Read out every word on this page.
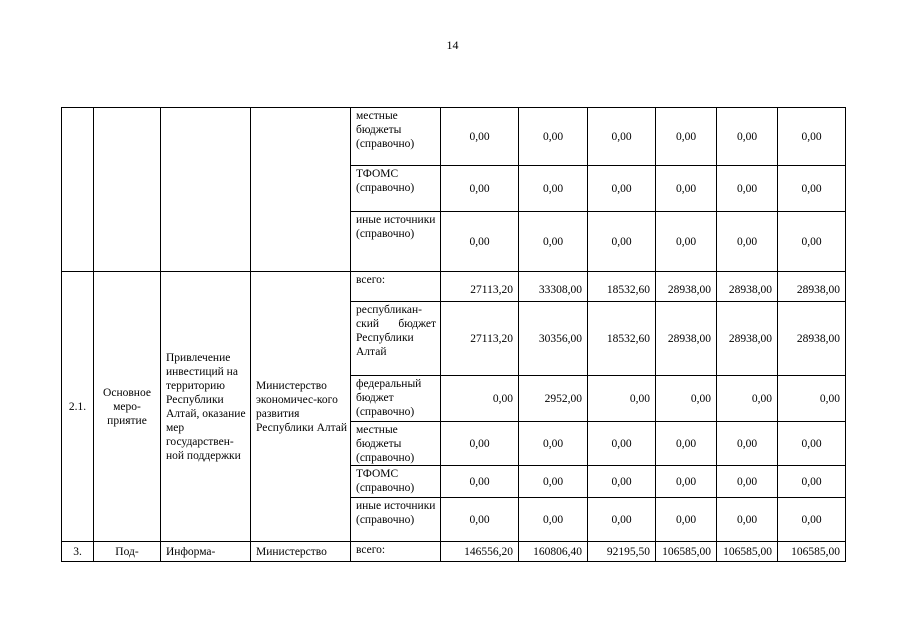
14
				местные бюджеты (справочно)	0,00	0,00	0,00	0,00	0,00	0,00
				ТФОМС (справочно)	0,00	0,00	0,00	0,00	0,00	0,00
				иные источники (справочно)	0,00	0,00	0,00	0,00	0,00	0,00
2.1.	Основное меро-приятие	Привлечение инвестиций на территорию Республики Алтай, оказание мер государствен-ной поддержки	Министерство экономичес-кого развития Республики Алтай	всего:	27113,20	33308,00	18532,60	28938,00	28938,00	28938,00
				республикан-ский бюджет Республики Алтай	27113,20	30356,00	18532,60	28938,00	28938,00	28938,00
				федеральный бюджет (справочно)	0,00	2952,00	0,00	0,00	0,00	0,00
				местные бюджеты (справочно)	0,00	0,00	0,00	0,00	0,00	0,00
				ТФОМС (справочно)	0,00	0,00	0,00	0,00	0,00	0,00
				иные источники (справочно)	0,00	0,00	0,00	0,00	0,00	0,00
3.	Под-	Информа-	Министерство	всего:	146556,20	160806,40	92195,50	106585,00	106585,00	106585,00
